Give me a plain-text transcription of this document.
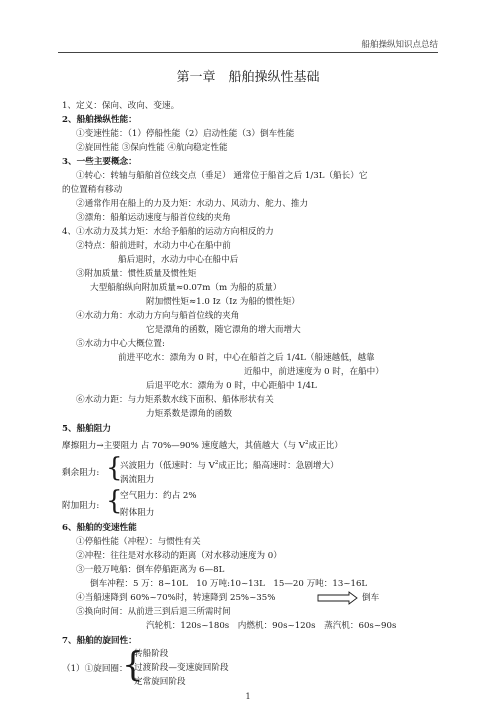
船舶操纵知识点总结
第一章　船舶操纵性基础
1、定义：保向、改向、变速。
2、船舶操纵性能：
①变速性能：（1）停船性能（2）启动性能（3）倒车性能
②旋回性能 ③保向性能 ④航向稳定性能
3、一些主要概念：
①转心：转轴与船舶首位线交点（垂足） 通常位于船首之后 1/3L（船长）它
的位置稍有移动
②通常作用在船上的力及力矩：水动力、风动力、舵力、推力
③漂角：船舶运动速度与船首位线的夹角
4、①水动力及其力矩：水给予船舶的运动方向相反的力
②特点：船前进时，水动力中心在船中前
船后退时，水动力中心在船中后
③附加质量：惯性质量及惯性矩
大型船舶纵向附加质量≈0.07m（m 为船的质量）
附加惯性矩≈1.0 Iz（Iz 为船的惯性矩）
④水动力角：水动力方向与船首位线的夹角
它是漂角的函数，随它漂角的增大而增大
⑤水动力中心大概位置:
前进平吃水：漂角为 0 时，中心在船首之后 1/4L（船速越低，越靠
近船中，前进速度为 0 时，在船中）
后退平吃水：漂角为 0 时，中心距船中 1/4L
⑥水动力距：与力矩系数水线下面积、船体形状有关
力矩系数是漂角的函数
5、船舶阻力
摩擦阻力→主要阻力 占 70%—90% 速度越大，其值越大（与 $V^2$成正比）
剩余阻力: {
兴波阻力（低速时：与 $V^2$成正比；船高速时：急剧增大）
涡流阻力
附加阻力: {
空气阻力：约占 2%
附体阻力
6、船舶的变速性能
①停船性能（冲程）：与惯性有关
②冲程：往往是对水移动的距离（对水移动速度为 0）
③一般万吨船：倒车停船距离为 6—8L
倒车冲程：5 万：8~10L　10 万吨:10~13L　15—20 万吨：13~16L
④当船速降到 60%~70%时，转速降到 25%~35%	倒车
⑤换向时间：从前进三到后退三所需时间
汽轮机：120s~180s　内燃机：90s~120s　蒸汽机：60s~90s
7、船舶的旋回性：
（1）①旋回圈：
{
转船阶段
过渡阶段—变速旋回阶段
定常旋回阶段
1
